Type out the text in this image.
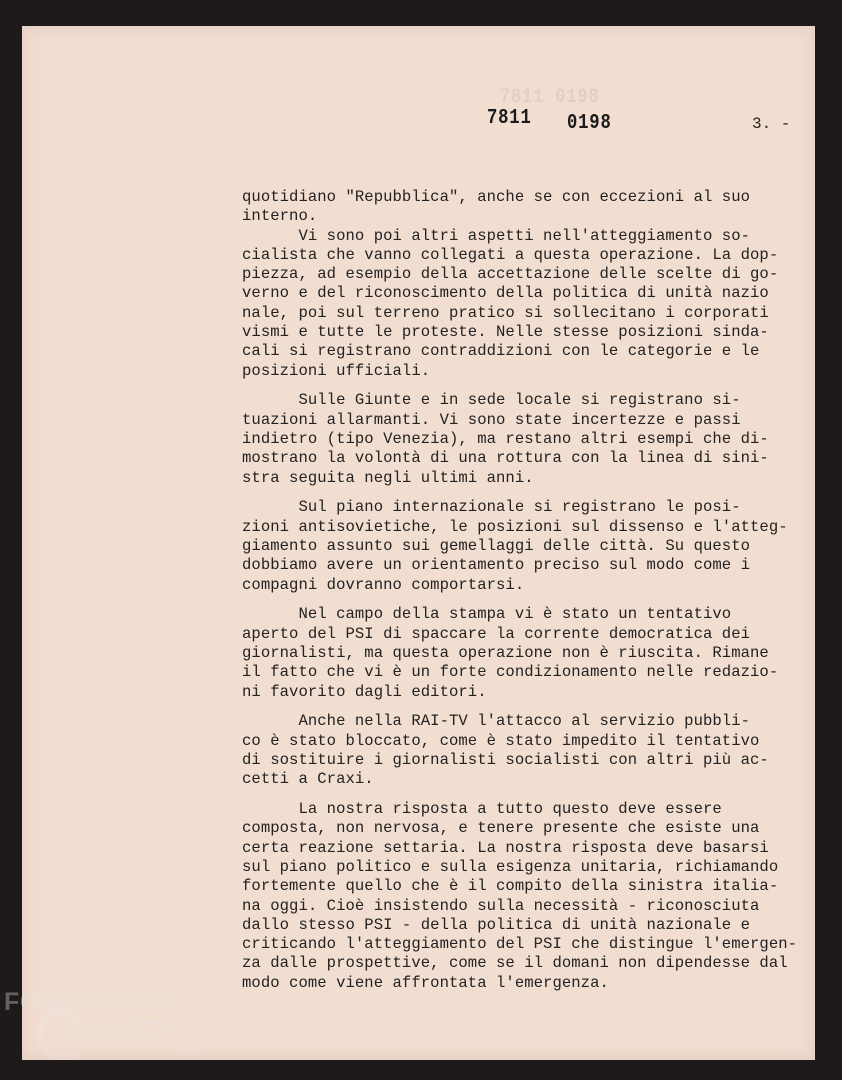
7811 0198
3. -
7811 0198
quotidiano "Repubblica", anche se con eccezioni al suo
interno.
Vi sono poi altri aspetti nell'atteggiamento so-
cialista che vanno collegati a questa operazione. La dop-
piezza, ad esempio della accettazione delle scelte di go-
verno e del riconoscimento della politica di unità nazio
nale, poi sul terreno pratico si sollecitano i corporati
vismi e tutte le proteste. Nelle stesse posizioni sinda-
cali si registrano contraddizioni con le categorie e le
posizioni ufficiali.
Sulle Giunte e in sede locale si registrano si-
tuazioni allarmanti. Vi sono state incertezze e passi
indietro (tipo Venezia), ma restano altri esempi che di-
mostrano la volontà di una rottura con la linea di sini-
stra seguita negli ultimi anni.
Sul piano internazionale si registrano le posi-
zioni antisovietiche, le posizioni sul dissenso e l'atteg-
giamento assunto sui gemellaggi delle città. Su questo
dobbiamo avere un orientamento preciso sul modo come i
compagni dovranno comportarsi.
Nel campo della stampa vi è stato un tentativo
aperto del PSI di spaccare la corrente democratica dei
giornalisti, ma questa operazione non è riuscita. Rimane
il fatto che vi è un forte condizionamento nelle redazio-
ni favorito dagli editori.
Anche nella RAI-TV l'attacco al servizio pubbli-
co è stato bloccato, come è stato impedito il tentativo
di sostituire i giornalisti socialisti con altri più ac-
cetti a Craxi.
La nostra risposta a tutto questo deve essere
composta, non nervosa, e tenere presente che esiste una
certa reazione settaria. La nostra risposta deve basarsi
sul piano politico e sulla esigenza unitaria, richiamando
fortemente quello che è il compito della sinistra italia-
na oggi. Cioè insistendo sulla necessità - riconosciuta
dallo stesso PSI - della politica di unità nazionale e
criticando l'atteggiamento del PSI che distingue l'emergen-
za dalle prospettive, come se il domani non dipendesse dal
modo come viene affrontata l'emergenza.
FONDAZIONE
RAMSCI
onlus
